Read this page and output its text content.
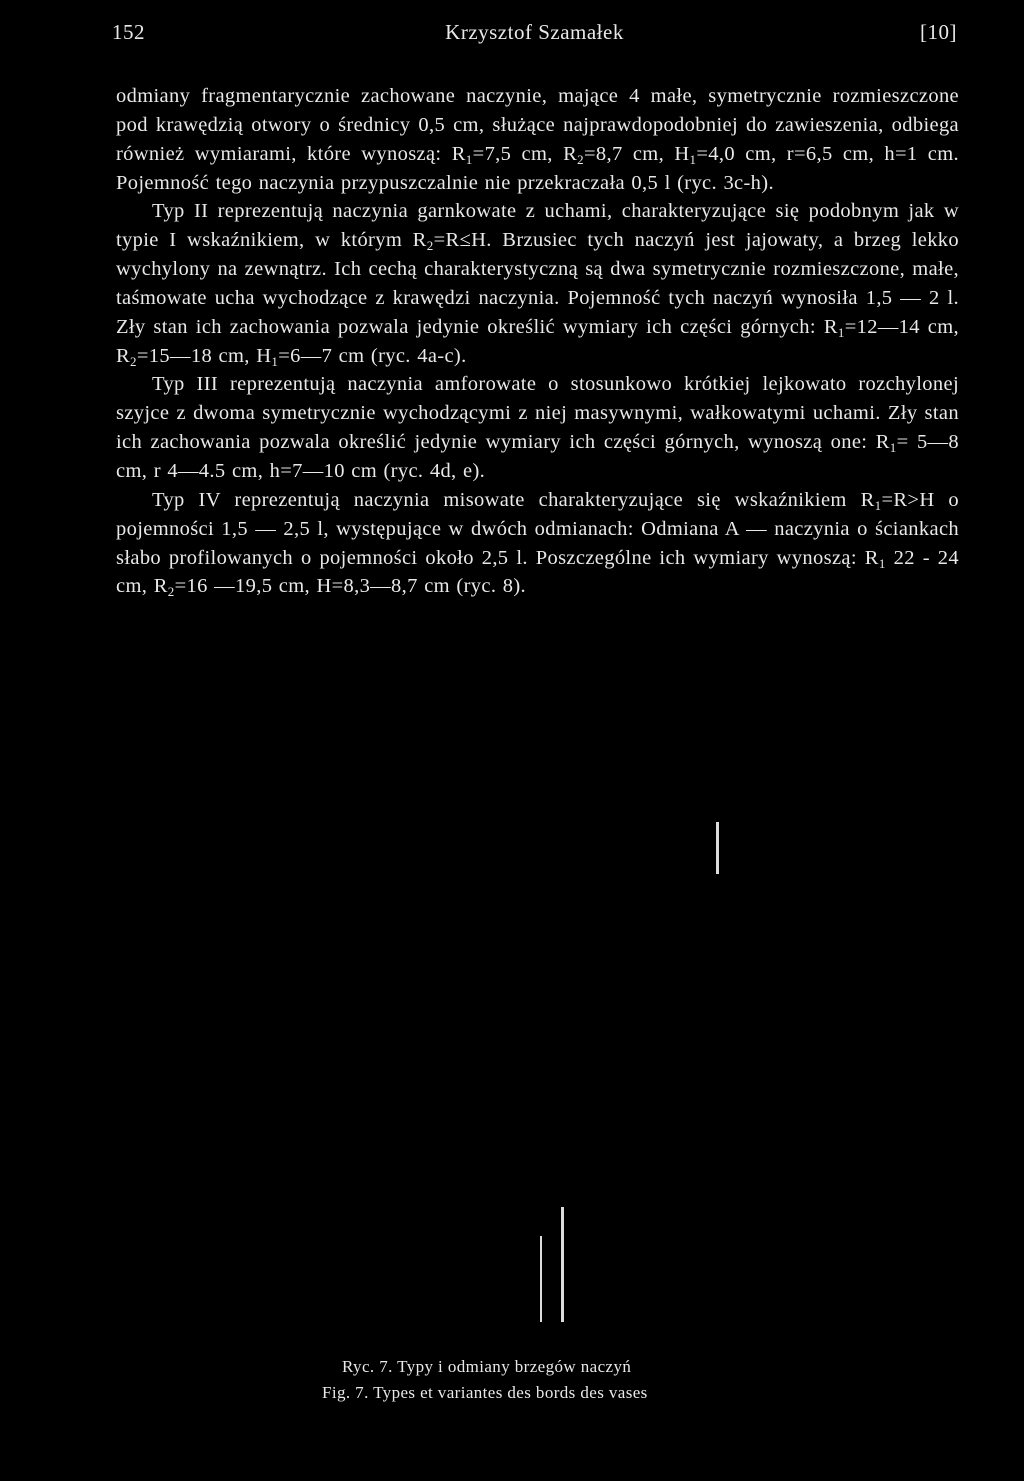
152	Krzysztof Szamałek	[10]

odmiany fragmentarycznie zachowane naczynie, mające 4 małe, symetrycznie rozmieszczone pod krawędzią otwory o średnicy 0,5 cm, służące najprawdopodobniej do zawieszenia, odbiega również wymiarami, które wynoszą: $R_1=7,5$ cm, $R_2=8,7$ cm, $H_1=4,0$ cm, r=6,5 cm, h=1 cm. Pojemność tego naczynia przypuszczalnie nie przekraczała 0,5 l (ryc. 3c-h).

Typ II reprezentują naczynia garnkowate z uchami, charakteryzujące się podobnym jak w typie I wskaźnikiem, w którym $R_2=R\le H$. Brzusiec tych naczyń jest jajowaty, a brzeg lekko wychylony na zewnątrz. Ich cechą charakterystyczną są dwa symetrycznie rozmieszczone, małe, taśmowate ucha wychodzące z krawędzi naczynia. Pojemność tych naczyń wynosiła 1,5 — 2 l. Zły stan ich zachowania pozwala jedynie określić wymiary ich części górnych: $R_1=12—14$ cm, $R_2=15—18$ cm, $H_1=6—7$ cm (ryc. 4a-c).

Typ III reprezentują naczynia amforowate o stosunkowo krótkiej lejkowato rozchylonej szyjce z dwoma symetrycznie wychodzącymi z niej masywnymi, wałkowatymi uchami. Zły stan ich zachowania pozwala określić jedynie wymiary ich części górnych, wynoszą one: $R_1=$ 5—8 cm, r 4—4.5 cm, h=7—10 cm (ryc. 4d, e).

Typ IV reprezentują naczynia misowate charakteryzujące się wskaźnikiem $R_1=R>H$ o pojemności 1,5 — 2,5 l, występujące w dwóch odmianach: Odmiana A — naczynia o ściankach słabo profilowanych o pojemności około 2,5 l. Poszczególne ich wymiary wynoszą: $R_1$ 22 - 24 cm, $R_2=16$ —19,5 cm, H=8,3—8,7 cm (ryc. 8).

Ryc. 7. Typy i odmiany brzegów naczyń
Fig. 7. Types et variantes des bords des vases
